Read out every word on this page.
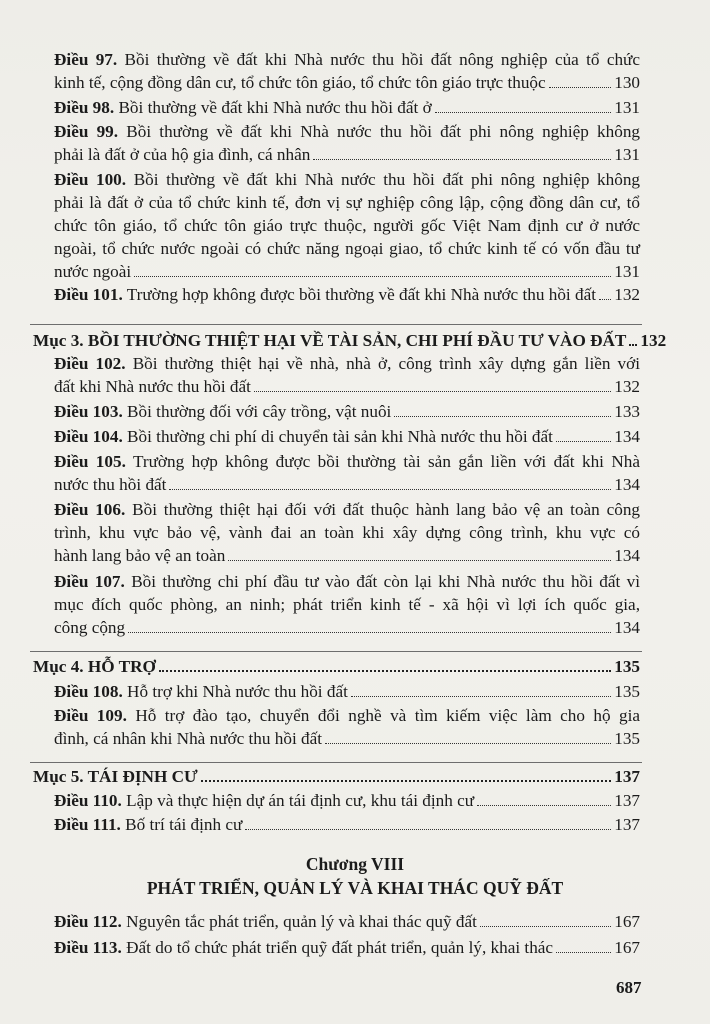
Điều 97. Bồi thường về đất khi Nhà nước thu hồi đất nông nghiệp của tổ chức
kinh tế, cộng đồng dân cư, tổ chức tôn giáo, tổ chức tôn giáo trực thuộc	130
Điều 98. Bồi thường về đất khi Nhà nước thu hồi đất ở	131
Điều 99. Bồi thường về đất khi Nhà nước thu hồi đất phi nông nghiệp không
phải là đất ở của hộ gia đình, cá nhân	131
Điều 100. Bồi thường về đất khi Nhà nước thu hồi đất phi nông nghiệp không
phải là đất ở của tổ chức kinh tế, đơn vị sự nghiệp công lập, cộng đồng dân cư, tổ
chức tôn giáo, tổ chức tôn giáo trực thuộc, người gốc Việt Nam định cư ở nước
ngoài, tổ chức nước ngoài có chức năng ngoại giao, tổ chức kinh tế có vốn đầu tư
nước ngoài	131
Điều 101. Trường hợp không được bồi thường về đất khi Nhà nước thu hồi đất 132
Mục 3. BỒI THƯỜNG THIỆT HẠI VỀ TÀI SẢN, CHI PHÍ ĐẦU TƯ VÀO ĐẤT 132
Điều 102. Bồi thường thiệt hại về nhà, nhà ở, công trình xây dựng gắn liền với
đất khi Nhà nước thu hồi đất	132
Điều 103. Bồi thường đối với cây trồng, vật nuôi	133
Điều 104. Bồi thường chi phí di chuyển tài sản khi Nhà nước thu hồi đất	134
Điều 105. Trường hợp không được bồi thường tài sản gắn liền với đất khi Nhà
nước thu hồi đất	134
Điều 106. Bồi thường thiệt hại đối với đất thuộc hành lang bảo vệ an toàn công
trình, khu vực bảo vệ, vành đai an toàn khi xây dựng công trình, khu vực có
hành lang bảo vệ an toàn	134
Điều 107. Bồi thường chi phí đầu tư vào đất còn lại khi Nhà nước thu hồi đất vì
mục đích quốc phòng, an ninh; phát triển kinh tế - xã hội vì lợi ích quốc gia,
công cộng	134
Mục 4. HỖ TRỢ	135
Điều 108. Hỗ trợ khi Nhà nước thu hồi đất	135
Điều 109. Hỗ trợ đào tạo, chuyển đổi nghề và tìm kiếm việc làm cho hộ gia
đình, cá nhân khi Nhà nước thu hồi đất	135
Mục 5. TÁI ĐỊNH CƯ	137
Điều 110. Lập và thực hiện dự án tái định cư, khu tái định cư	137
Điều 111. Bố trí tái định cư	137
Điều 112. Nguyên tắc phát triển, quản lý và khai thác quỹ đất	167
Điều 113. Đất do tổ chức phát triển quỹ đất phát triển, quản lý, khai thác	167
Chương VIII
PHÁT TRIỂN, QUẢN LÝ VÀ KHAI THÁC QUỸ ĐẤT
687
